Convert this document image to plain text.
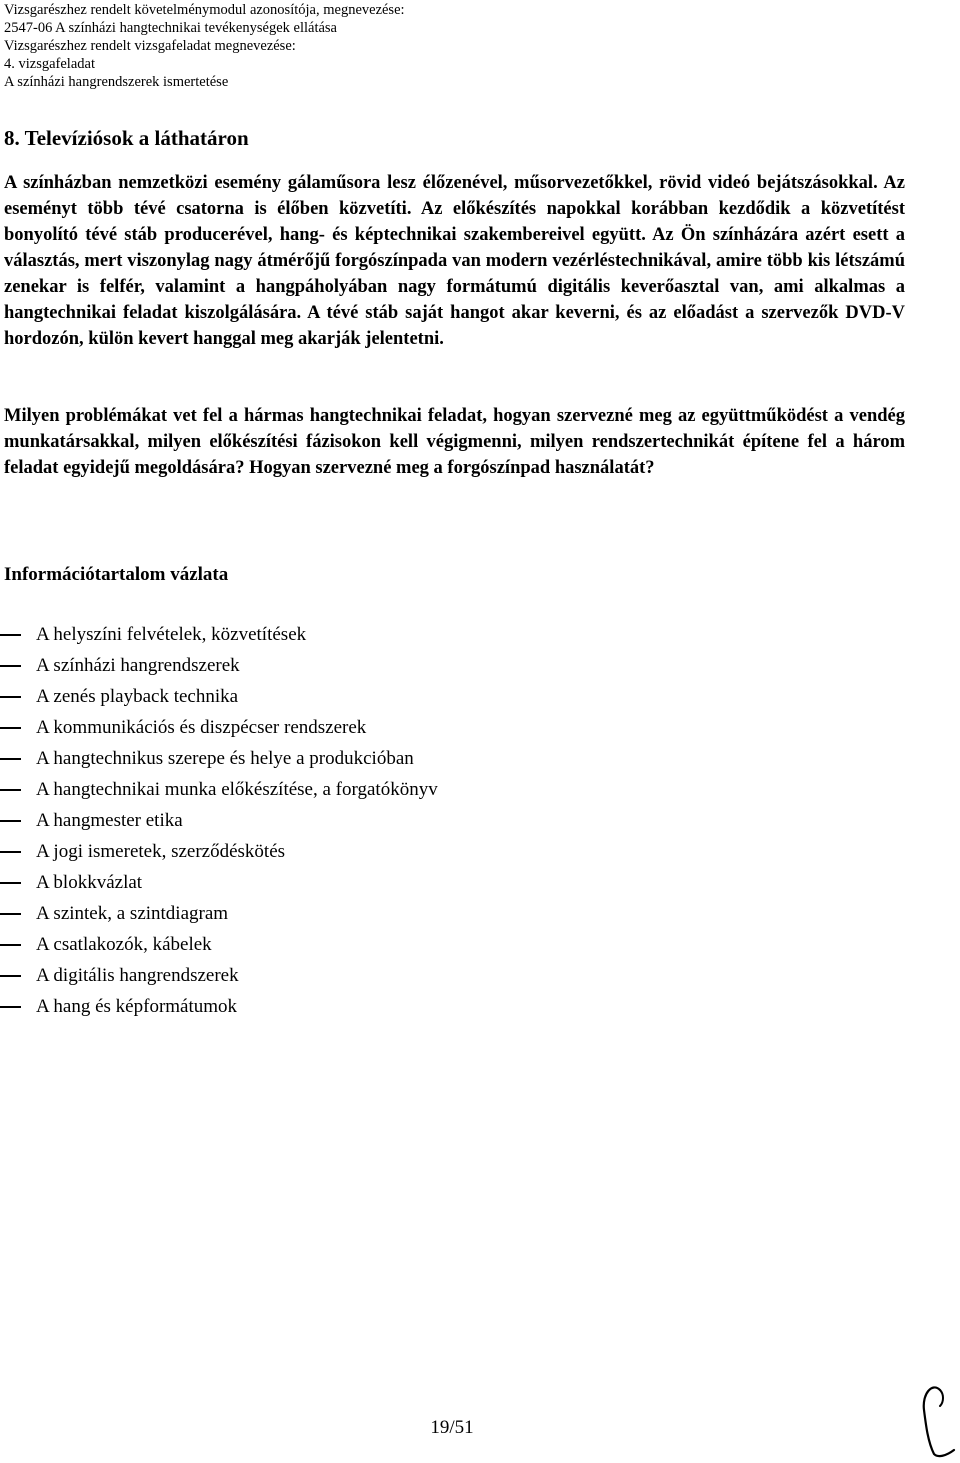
Vizsgarészhez rendelt követelménymodul azonosítója, megnevezése:
2547-06 A színházi hangtechnikai tevékenységek ellátása
Vizsgarészhez rendelt vizsgafeladat megnevezése:
4. vizsgafeladat
A színházi hangrendszerek ismertetése
8. Televíziósok a láthatáron

A színházban nemzetközi esemény gálaműsora lesz élőzenével, műsorvezetőkkel, rövid videó bejátszásokkal. Az eseményt több tévé csatorna is élőben közvetíti. Az előkészítés napokkal korábban kezdődik a közvetítést bonyolító tévé stáb producerével, hang- és képtechnikai szakembereivel együtt. Az Ön színházára azért esett a választás, mert viszonylag nagy átmérőjű forgószínpada van modern vezérléstechnikával, amire több kis létszámú zenekar is felfér, valamint a hangpáholyában nagy formátumú digitális keverőasztal van, ami alkalmas a hangtechnikai feladat kiszolgálására. A tévé stáb saját hangot akar keverni, és az előadást a szervezők DVD-V hordozón, külön kevert hanggal meg akarják jelentetni.

Milyen problémákat vet fel a hármas hangtechnikai feladat, hogyan szervezné meg az együttműködést a vendég munkatársakkal, milyen előkészítési fázisokon kell végigmenni, milyen rendszertechnikát építene fel a három feladat egyidejű megoldására? Hogyan szervezné meg a forgószínpad használatát?

Információtartalom vázlata
A helyszíni felvételek, közvetítések
A színházi hangrendszerek
A zenés playback technika
A kommunikációs és diszpécser rendszerek
A hangtechnikus szerepe és helye a produkcióban
A hangtechnikai munka előkészítése, a forgatókönyv
A hangmester etika
A jogi ismeretek, szerződéskötés
A blokkvázlat
A szintek, a szintdiagram
A csatlakozók, kábelek
A digitális hangrendszerek
A hang és képformátumok
19/51
